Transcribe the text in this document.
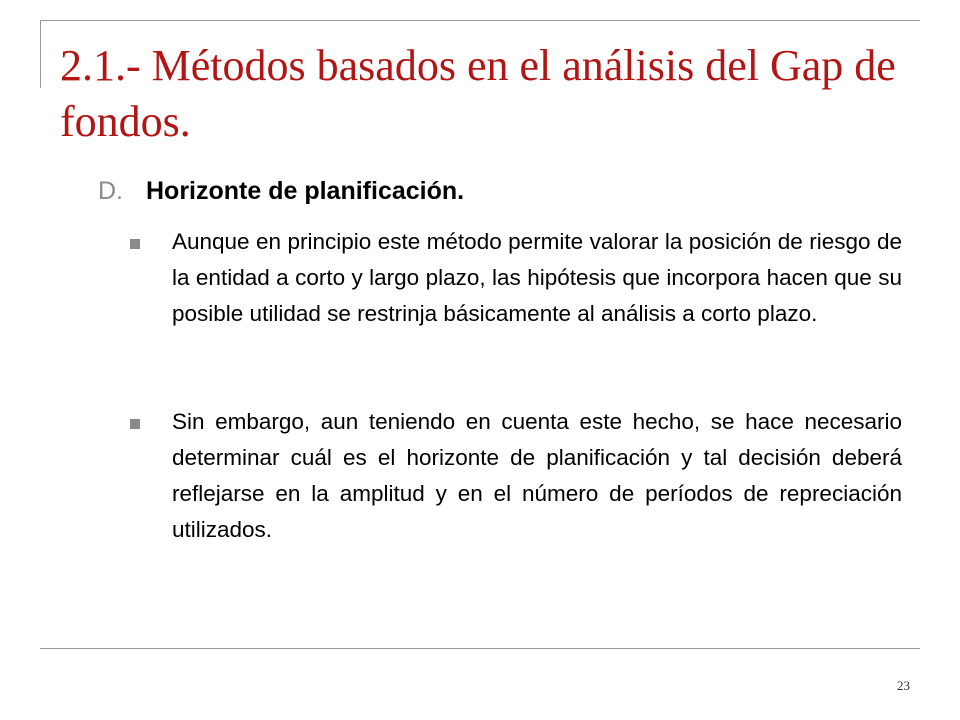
2.1.- Métodos basados en el análisis del Gap de fondos.
D. Horizonte de planificación.

Aunque en principio este método permite valorar la posición de riesgo de la entidad a corto y largo plazo, las hipótesis que incorpora hacen que su posible utilidad se restrinja básicamente al análisis a corto plazo.

Sin embargo, aun teniendo en cuenta este hecho, se hace necesario determinar cuál es el horizonte de planificación y tal decisión deberá reflejarse en la amplitud y en el número de períodos de repreciación utilizados.

23
